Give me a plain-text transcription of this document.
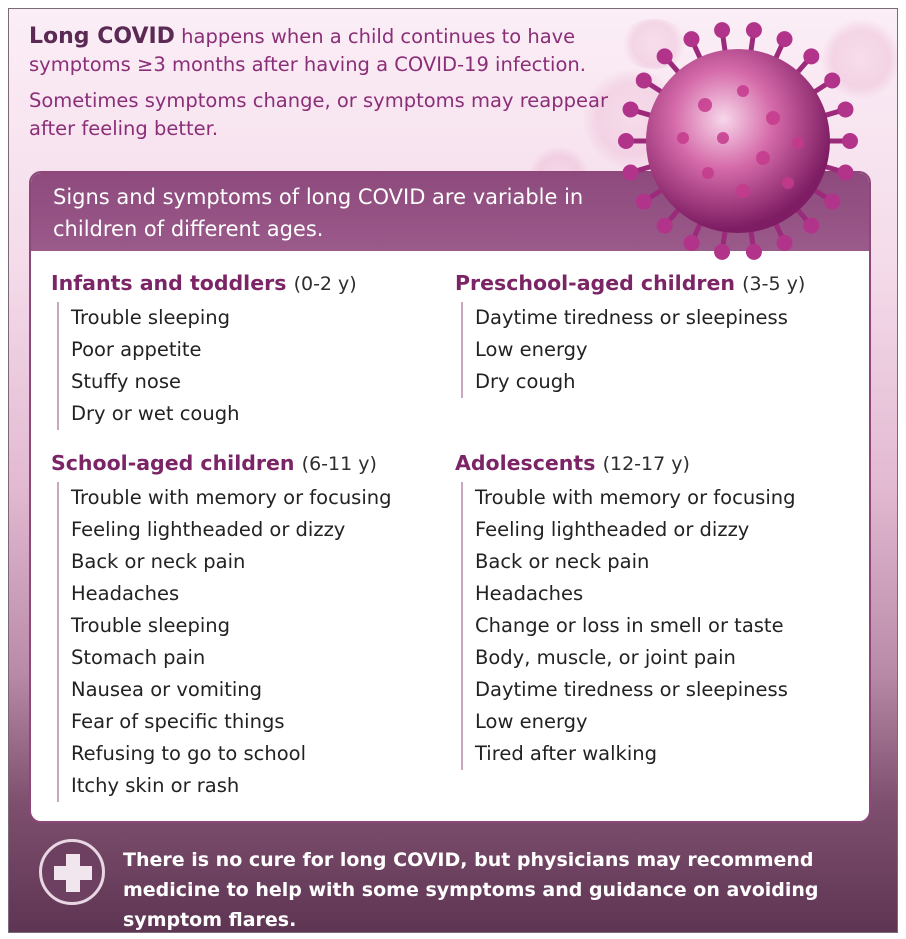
Long COVID happens when a child continues to have symptoms ≥3 months after having a COVID-19 infection.

Sometimes symptoms change, or symptoms may reappear after feeling better.

Signs and symptoms of long COVID are variable in children of different ages.
Infants and toddlers (0-2 y)
Trouble sleeping
Poor appetite
Stuffy nose
Dry or wet cough
Preschool-aged children (3-5 y)
Daytime tiredness or sleepiness
Low energy
Dry cough
School-aged children (6-11 y)
Trouble with memory or focusing
Feeling lightheaded or dizzy
Back or neck pain
Headaches
Trouble sleeping
Stomach pain
Nausea or vomiting
Fear of specific things
Refusing to go to school
Itchy skin or rash
Adolescents (12-17 y)
Trouble with memory or focusing
Feeling lightheaded or dizzy
Back or neck pain
Headaches
Change or loss in smell or taste
Body, muscle, or joint pain
Daytime tiredness or sleepiness
Low energy
Tired after walking
There is no cure for long COVID, but physicians may recommend medicine to help with some symptoms and guidance on avoiding symptom flares.
